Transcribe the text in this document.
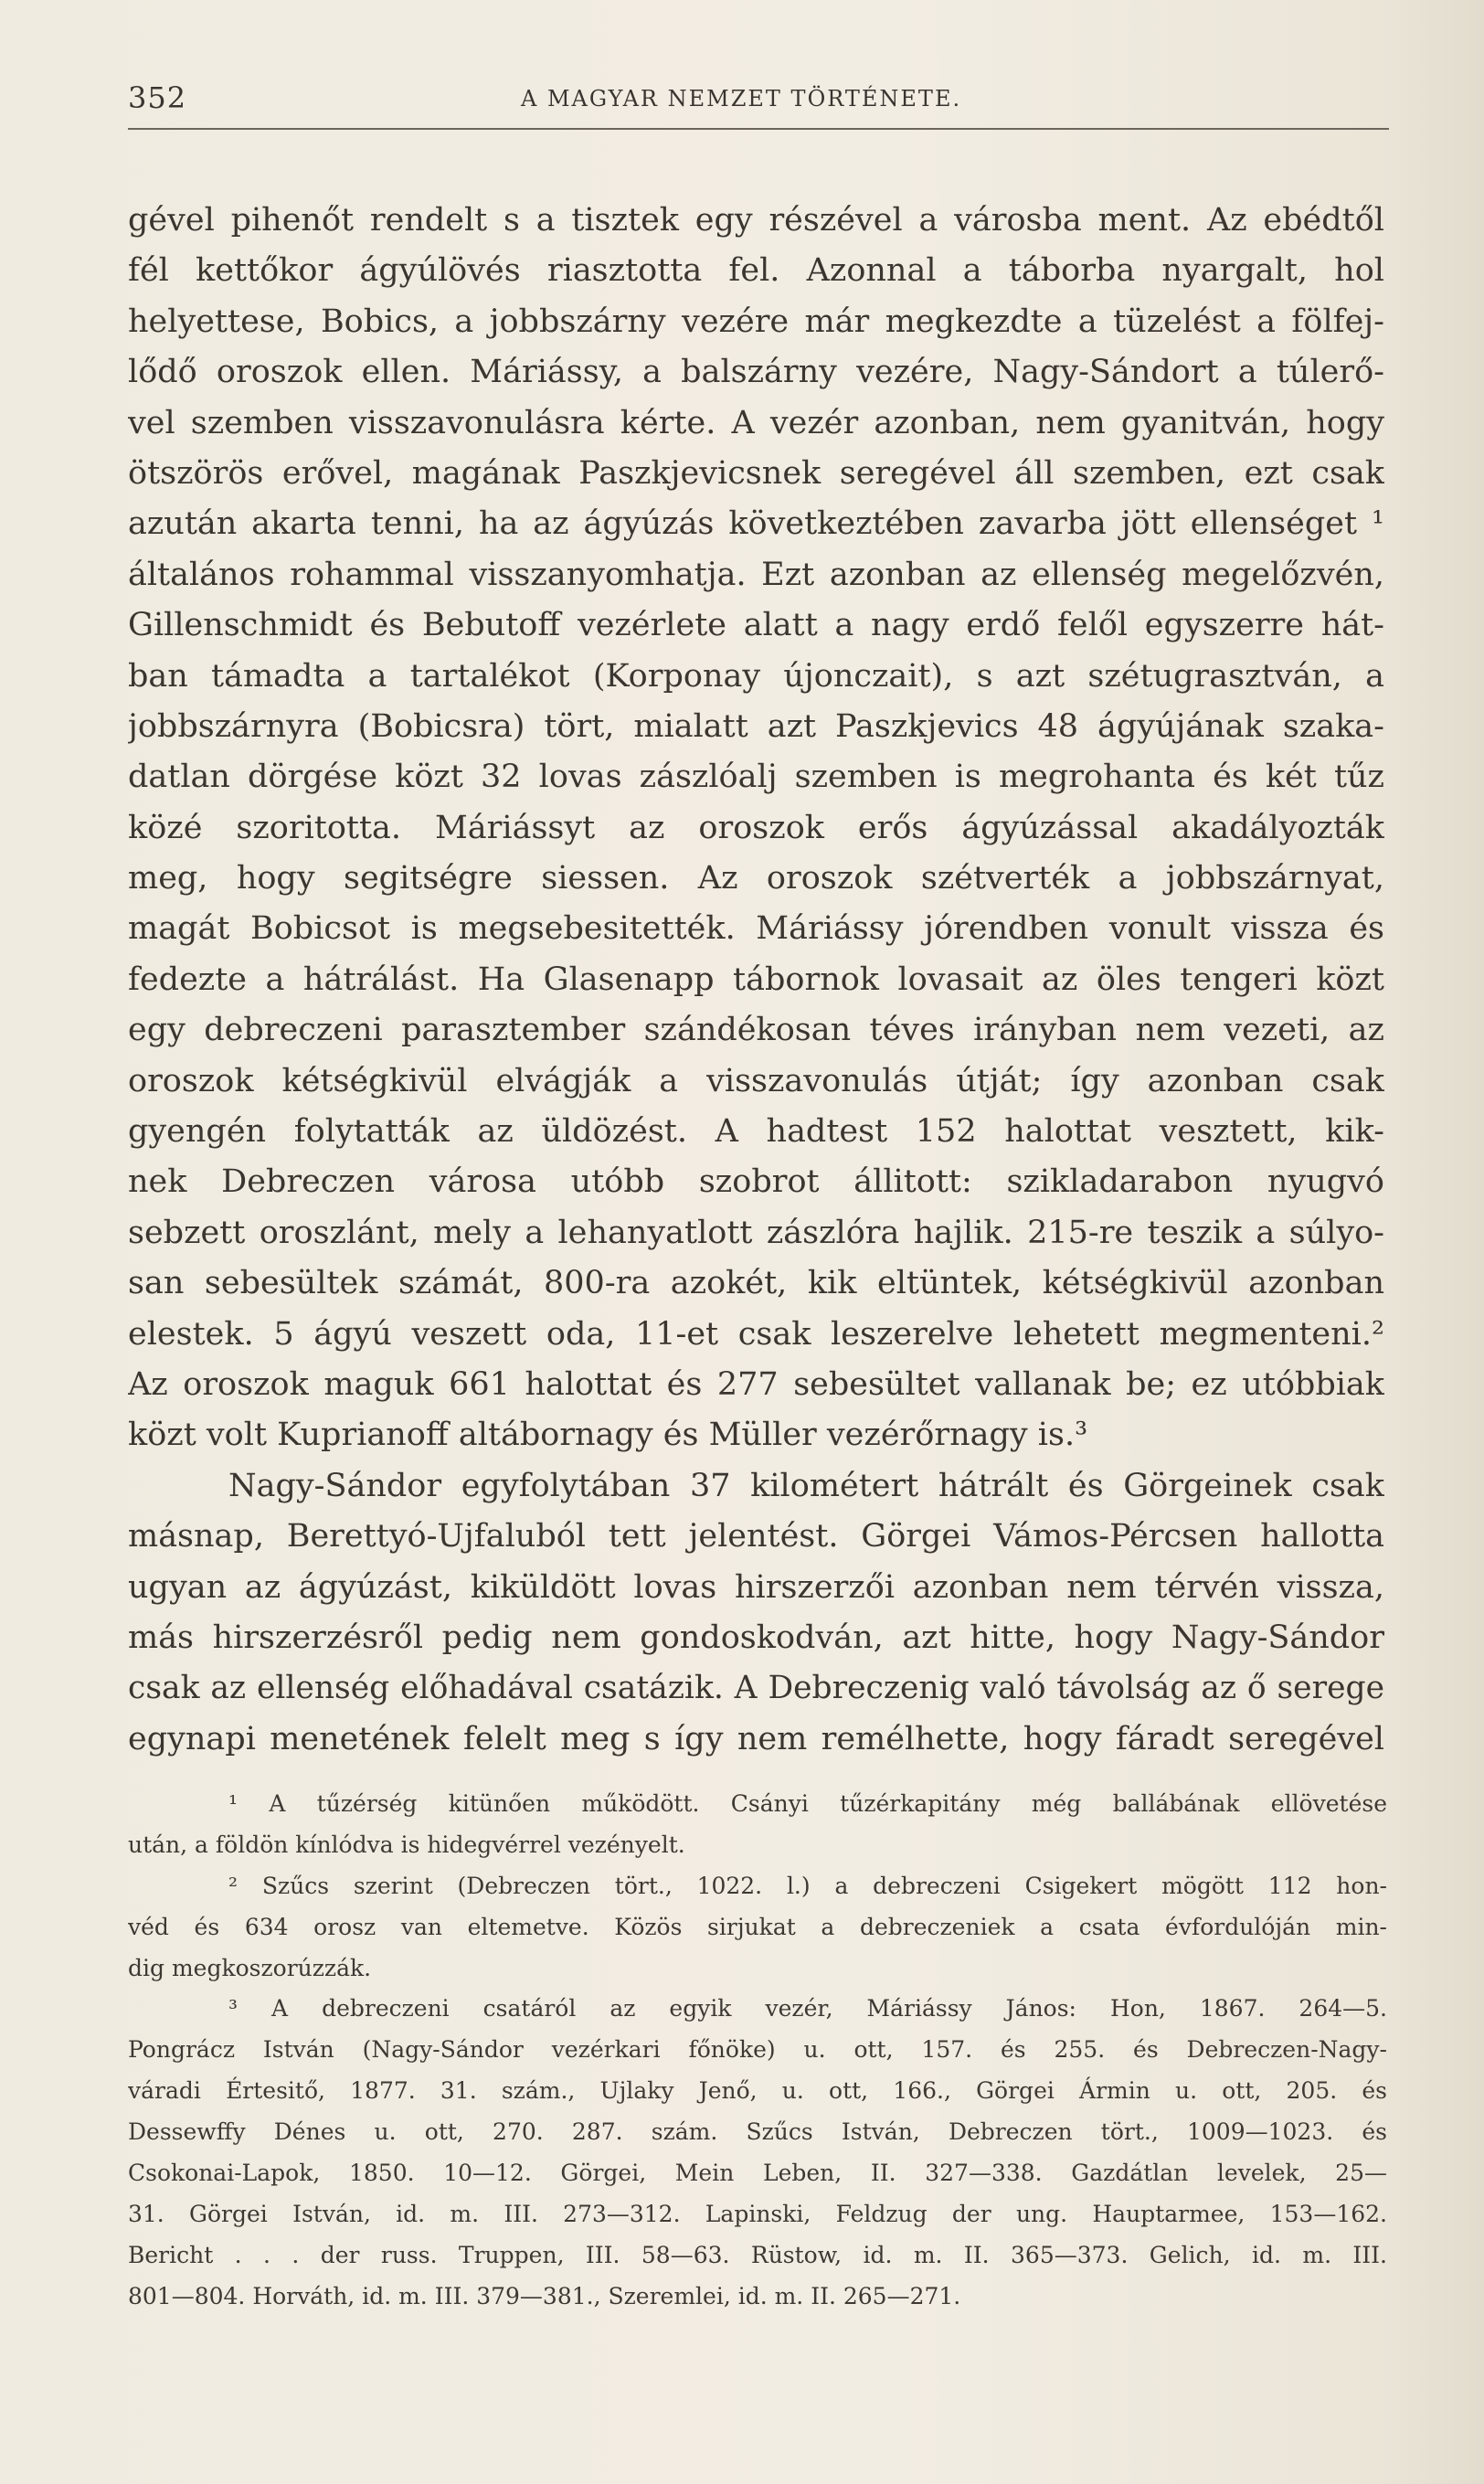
352	A MAGYAR NEMZET TÖRTÉNETE.
gével pihenőt rendelt s a tisztek egy részével a városba ment. Az ebédtől
fél kettőkor ágyúlövés riasztotta fel. Azonnal a táborba nyargalt, hol
helyettese, Bobics, a jobbszárny vezére már megkezdte a tüzelést a fölfej-
lődő oroszok ellen. Máriássy, a balszárny vezére, Nagy-Sándort a túlerő-
vel szemben visszavonulásra kérte. A vezér azonban, nem gyanitván, hogy
ötszörös erővel, magának Paszkjevicsnek seregével áll szemben, ezt csak
azután akarta tenni, ha az ágyúzás következtében zavarba jött ellenséget ¹
általános rohammal visszanyomhatja. Ezt azonban az ellenség megelőzvén,
Gillenschmidt és Bebutoff vezérlete alatt a nagy erdő felől egyszerre hát-
ban támadta a tartalékot (Korponay újonczait), s azt szétugrasztván, a
jobbszárnyra (Bobicsra) tört, mialatt azt Paszkjevics 48 ágyújának szaka-
datlan dörgése közt 32 lovas zászlóalj szemben is megrohanta és két tűz
közé szoritotta. Máriássyt az oroszok erős ágyúzással akadályozták
meg, hogy segitségre siessen. Az oroszok szétverték a jobbszárnyat,
magát Bobicsot is megsebesitették. Máriássy jórendben vonult vissza és
fedezte a hátrálást. Ha Glasenapp tábornok lovasait az öles tengeri közt
egy debreczeni parasztember szándékosan téves irányban nem vezeti, az
oroszok kétségkivül elvágják a visszavonulás útját; így azonban csak
gyengén folytatták az üldözést. A hadtest 152 halottat vesztett, kik-
nek Debreczen városa utóbb szobrot állitott: szikladarabon nyugvó
sebzett oroszlánt, mely a lehanyatlott zászlóra hajlik. 215-re teszik a súlyo-
san sebesültek számát, 800-ra azokét, kik eltüntek, kétségkivül azonban
elestek. 5 ágyú veszett oda, 11-et csak leszerelve lehetett megmenteni.²
Az oroszok maguk 661 halottat és 277 sebesültet vallanak be; ez utóbbiak
közt volt Kuprianoff altábornagy és Müller vezérőrnagy is.³
Nagy-Sándor egyfolytában 37 kilométert hátrált és Görgeinek csak
másnap, Berettyó-Ujfaluból tett jelentést. Görgei Vámos-Pércsen hallotta
ugyan az ágyúzást, kiküldött lovas hirszerzői azonban nem térvén vissza,
más hirszerzésről pedig nem gondoskodván, azt hitte, hogy Nagy-Sándor
csak az ellenség előhadával csatázik. A Debreczenig való távolság az ő serege
egynapi menetének felelt meg s így nem remélhette, hogy fáradt seregével
¹ A tűzérség kitünően működött. Csányi tűzérkapitány még ballábának ellövetése
után, a földön kínlódva is hidegvérrel vezényelt.
² Szűcs szerint (Debreczen tört., 1022. l.) a debreczeni Csigekert mögött 112 hon-
véd és 634 orosz van eltemetve. Közös sirjukat a debreczeniek a csata évfordulóján min-
dig megkoszorúzzák.
³ A debreczeni csatáról az egyik vezér, Máriássy János: Hon, 1867. 264—5.
Pongrácz István (Nagy-Sándor vezérkari főnöke) u. ott, 157. és 255. és Debreczen-Nagy-
váradi Értesitő, 1877. 31. szám., Ujlaky Jenő, u. ott, 166., Görgei Ármin u. ott, 205. és
Dessewffy Dénes u. ott, 270. 287. szám. Szűcs István, Debreczen tört., 1009—1023. és
Csokonai-Lapok, 1850. 10—12. Görgei, Mein Leben, II. 327—338. Gazdátlan levelek, 25—
31. Görgei István, id. m. III. 273—312. Lapinski, Feldzug der ung. Hauptarmee, 153—162.
Bericht . . . der russ. Truppen, III. 58—63. Rüstow, id. m. II. 365—373. Gelich, id. m. III.
801—804. Horváth, id. m. III. 379—381., Szeremlei, id. m. II. 265—271.
